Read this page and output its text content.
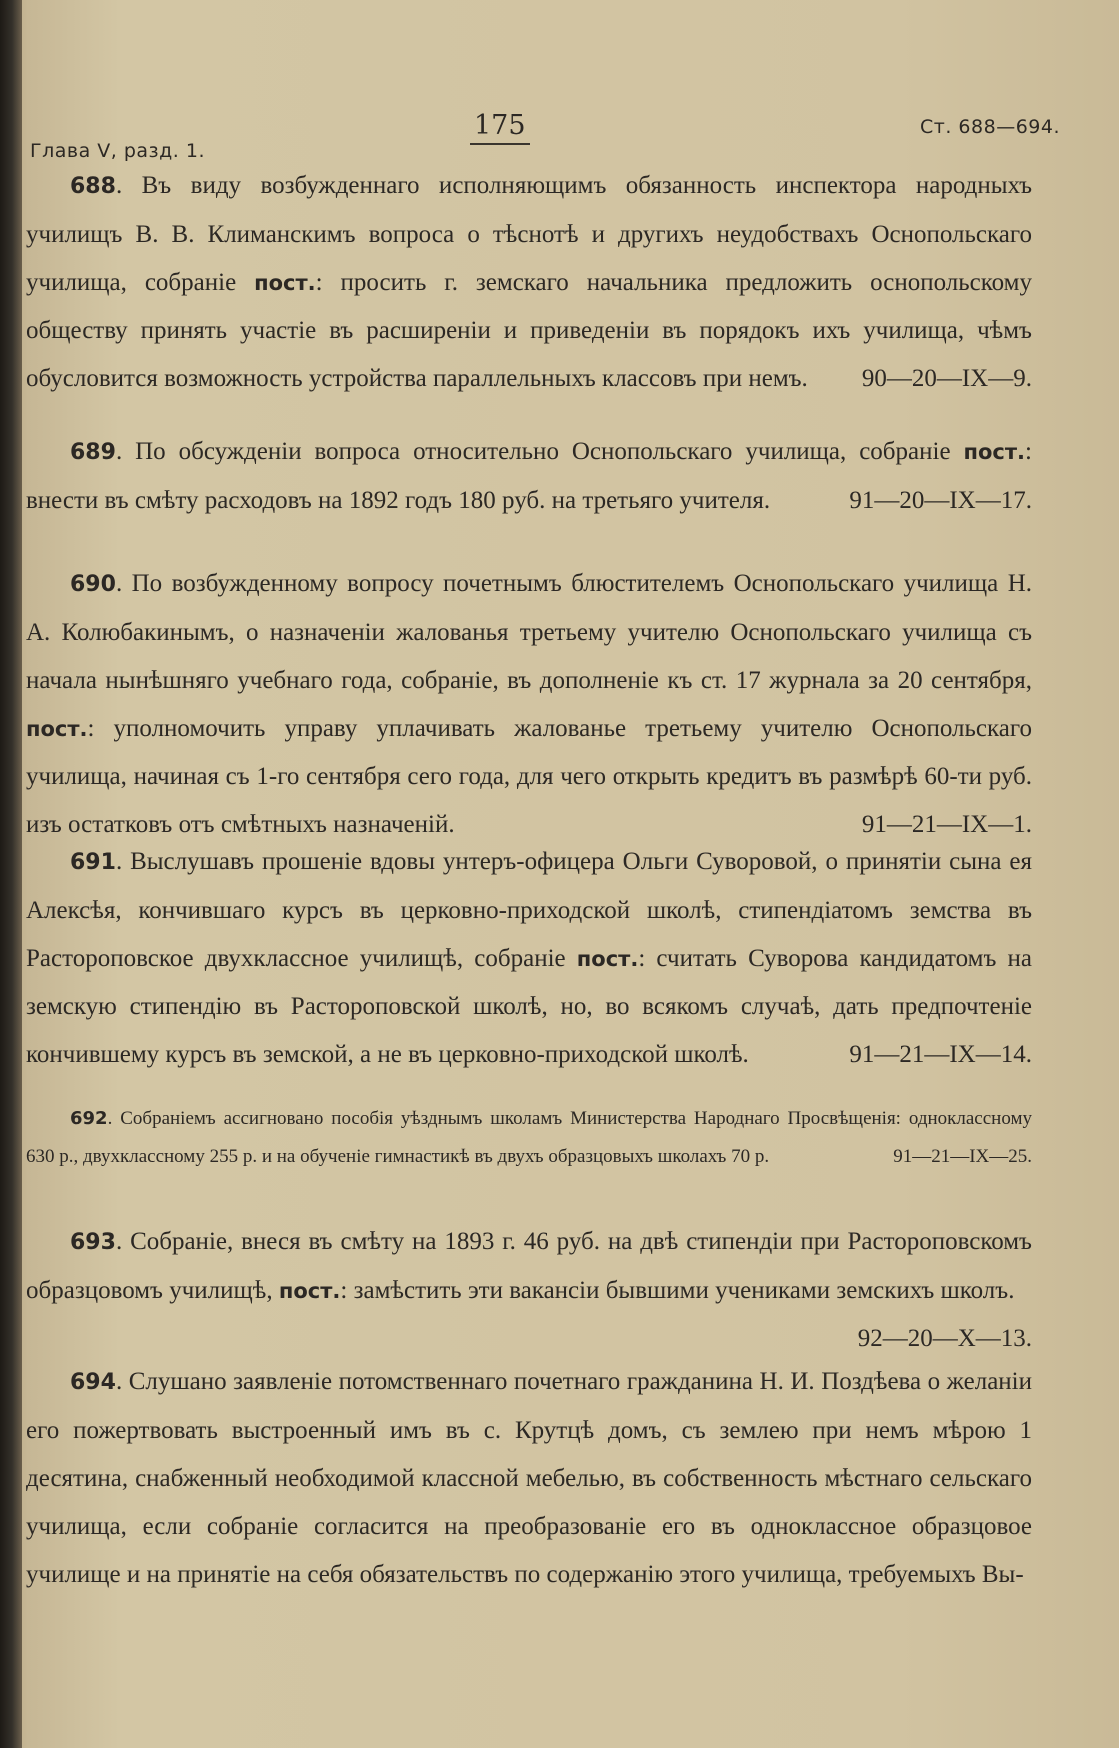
Глава V, разд. 1.
175	Ст. 688—694.
688. Въ виду возбужденнаго исполняющимъ обязанность инспектора народныхъ училищъ В. В. Климанскимъ вопроса о тѣснотѣ и другихъ неудобствахъ Оснопольскаго училища, собраніе пост.: просить г. земскаго начальника предложить оснопольскому обществу принять участіе въ расширеніи и приведеніи въ порядокъ ихъ училища, чѣмъ обусловится возможность устройства параллельныхъ классовъ при немъ.	90—20—IX—9.
689. По обсужденіи вопроса относительно Оснопольскаго училища, собраніе пост.: внести въ смѣту расходовъ на 1892 годъ 180 руб. на третьяго учителя.	91—20—IX—17.
690. По возбужденному вопросу почетнымъ блюстителемъ Оснопольскаго училища Н. А. Колюбакинымъ, о назначеніи жалованья третьему учителю Оснопольскаго училища съ начала нынѣшняго учебнаго года, собраніе, въ дополненіе къ ст. 17 журнала за 20 сентября, пост.: уполномочить управу уплачивать жалованье третьему учителю Оснопольскаго училища, начиная съ 1-го сентября сего года, для чего открыть кредитъ въ размѣрѣ 60-ти руб. изъ остатковъ отъ смѣтныхъ назначеній.	91—21—IX—1.
691. Выслушавъ прошеніе вдовы унтеръ-офицера Ольги Суворовой, о принятіи сына ея Алексѣя, кончившаго курсъ въ церковно-приходской школѣ, стипендіатомъ земства въ Растороповское двухклассное училищѣ, собраніе пост.: считать Суворова кандидатомъ на земскую стипендію въ Растороповской школѣ, но, во всякомъ случаѣ, дать предпочтеніе кончившему курсъ въ земской, а не въ церковно-приходской школѣ.	91—21—IX—14.
692. Собраніемъ ассигновано пособія уѣзднымъ школамъ Министерства Народнаго Просвѣщенія: одноклассному 630 р., двухклассному 255 р. и на обученіе гимнастикѣ въ двухъ образцовыхъ школахъ 70 р.	91—21—IX—25.
693. Собраніе, внеся въ смѣту на 1893 г. 46 руб. на двѣ стипендіи при Растороповскомъ образцовомъ училищѣ, пост.: замѣстить эти вакансіи бывшими учениками земскихъ школъ.
92—20—X—13.
694. Слушано заявленіе потомственнаго почетнаго гражданина Н. И. Поздѣева о желаніи его пожертвовать выстроенный имъ въ с. Крутцѣ домъ, съ землею при немъ мѣрою 1 десятина, снабженный необходимой классной мебелью, въ собственность мѣстнаго сельскаго училища, если собраніе согласится на преобразованіе его въ одноклассное образцовое училище и на принятіе на себя обязательствъ по содержанію этого училища, требуемыхъ Вы-
